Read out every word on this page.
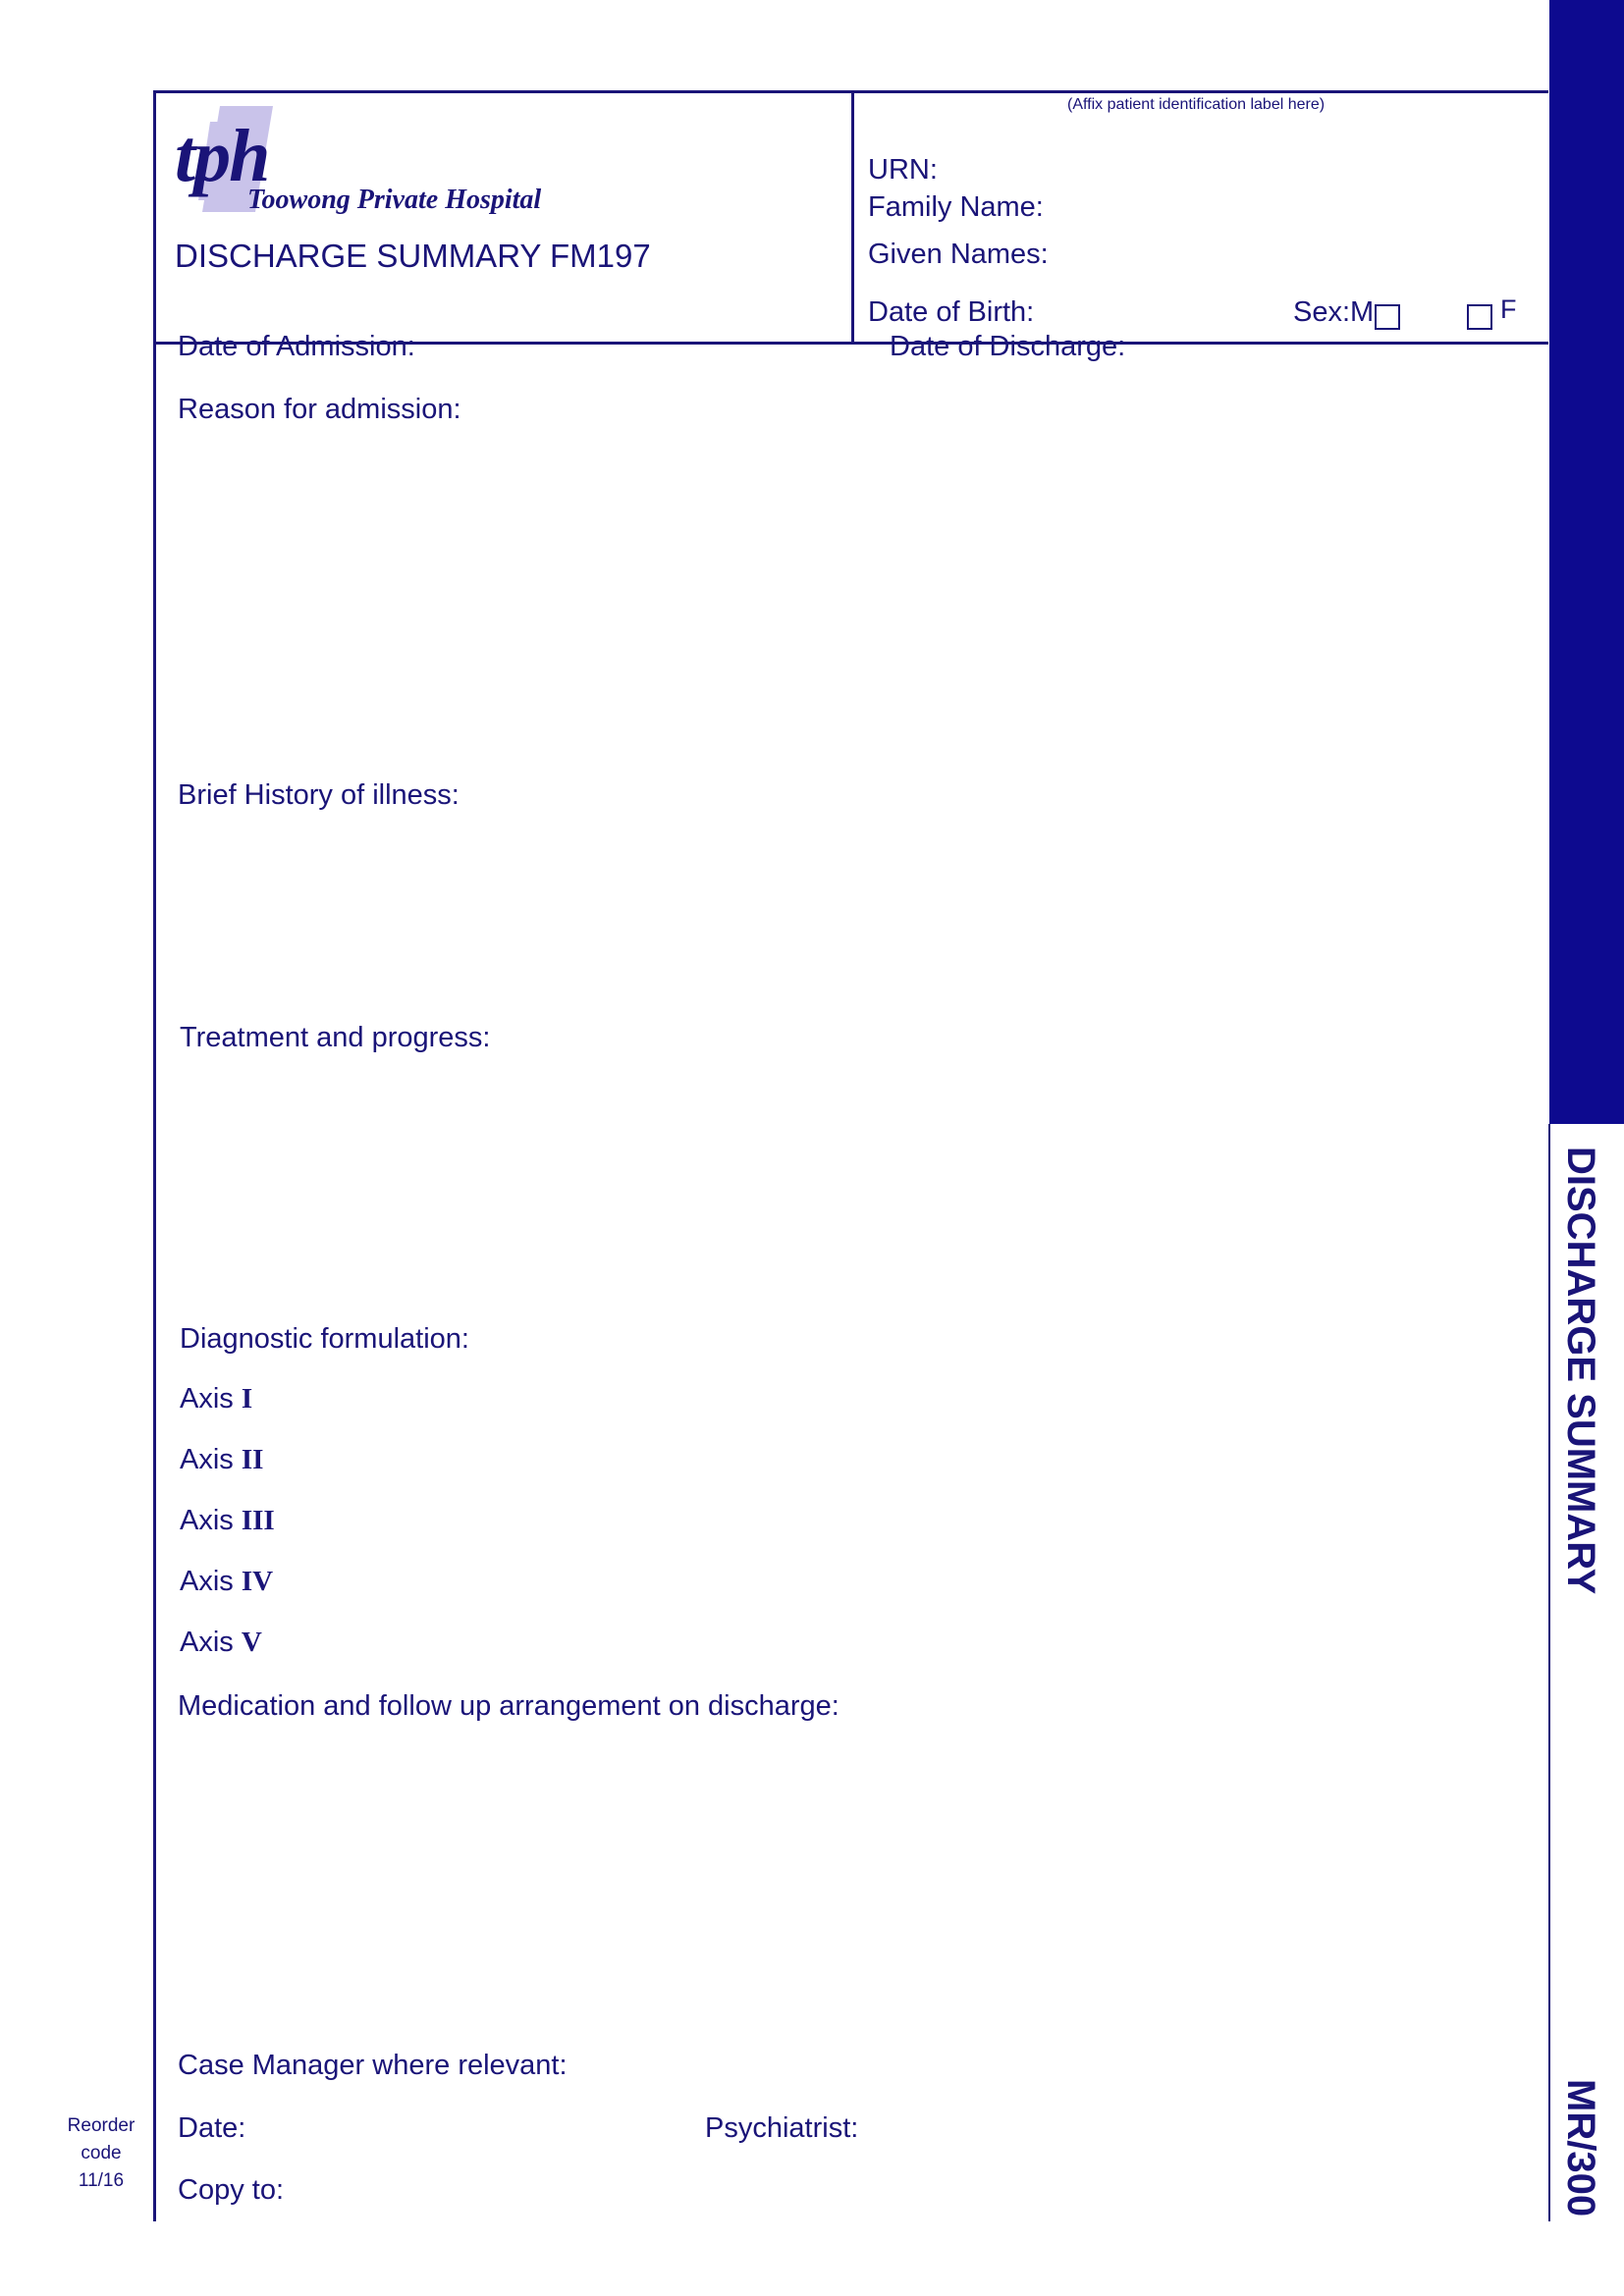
DISCHARGE SUMMARY
MR/300
tph
Toowong Private Hospital
DISCHARGE SUMMARY FM197
(Affix patient identification label here)
URN:
Family Name:
Given Names:
Date of Birth:	Sex:M	F
Date of Admission:	Date of Discharge:
Reason for admission:
Brief History of illness:
Treatment and progress:
Diagnostic formulation:
Axis I
Axis II
Axis III
Axis IV
Axis V
Medication and follow up arrangement on discharge:
Case Manager where relevant:
Date:	Psychiatrist:
Copy to:
Reorder
code
11/16
